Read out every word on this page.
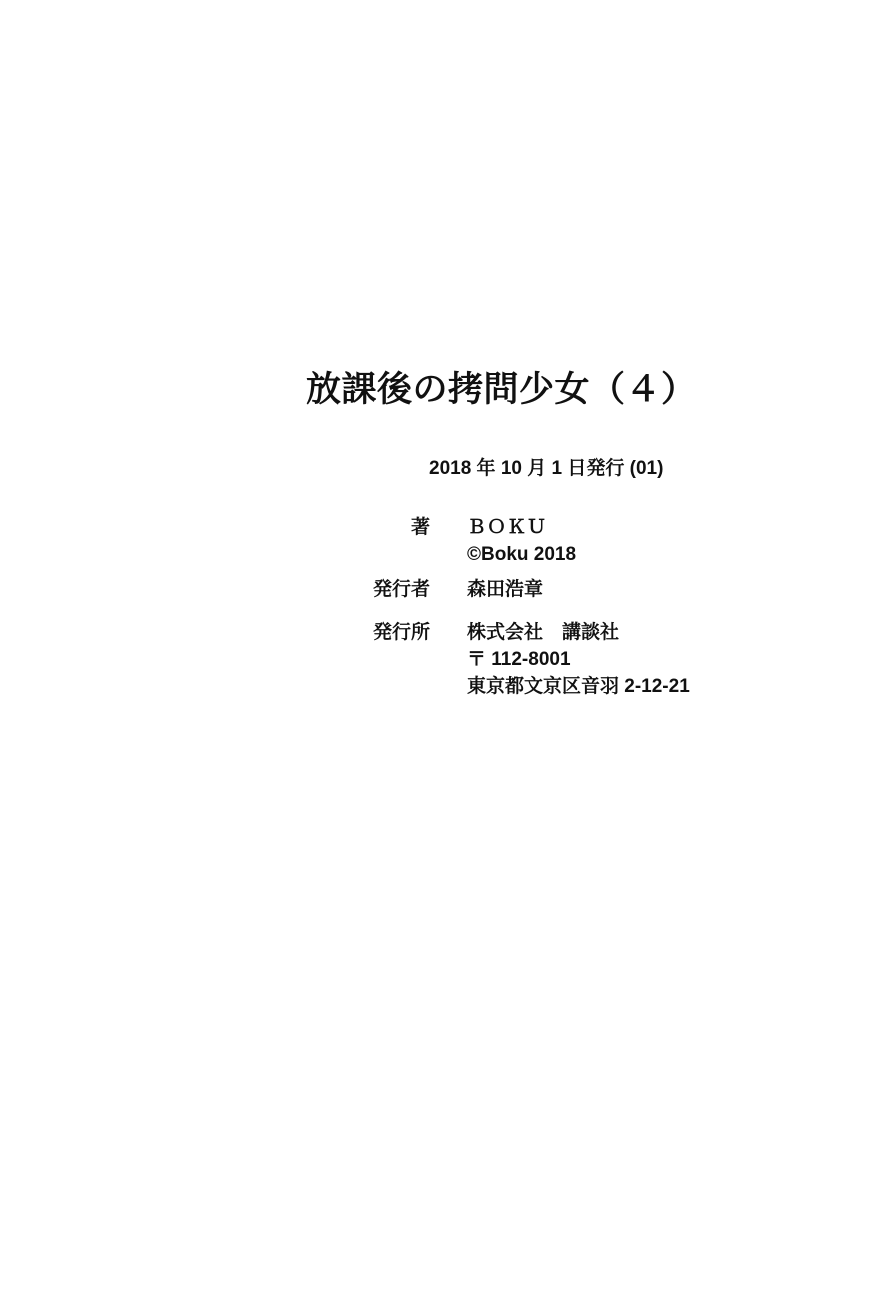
放課後の拷問少女（４）
2018 年 10 月 1 日発行 (01)
著 ＢＯＫＵ
©Boku 2018
発行者 森田浩章
発行所 株式会社　講談社
〒 112-8001
東京都文京区音羽 2-12-21
